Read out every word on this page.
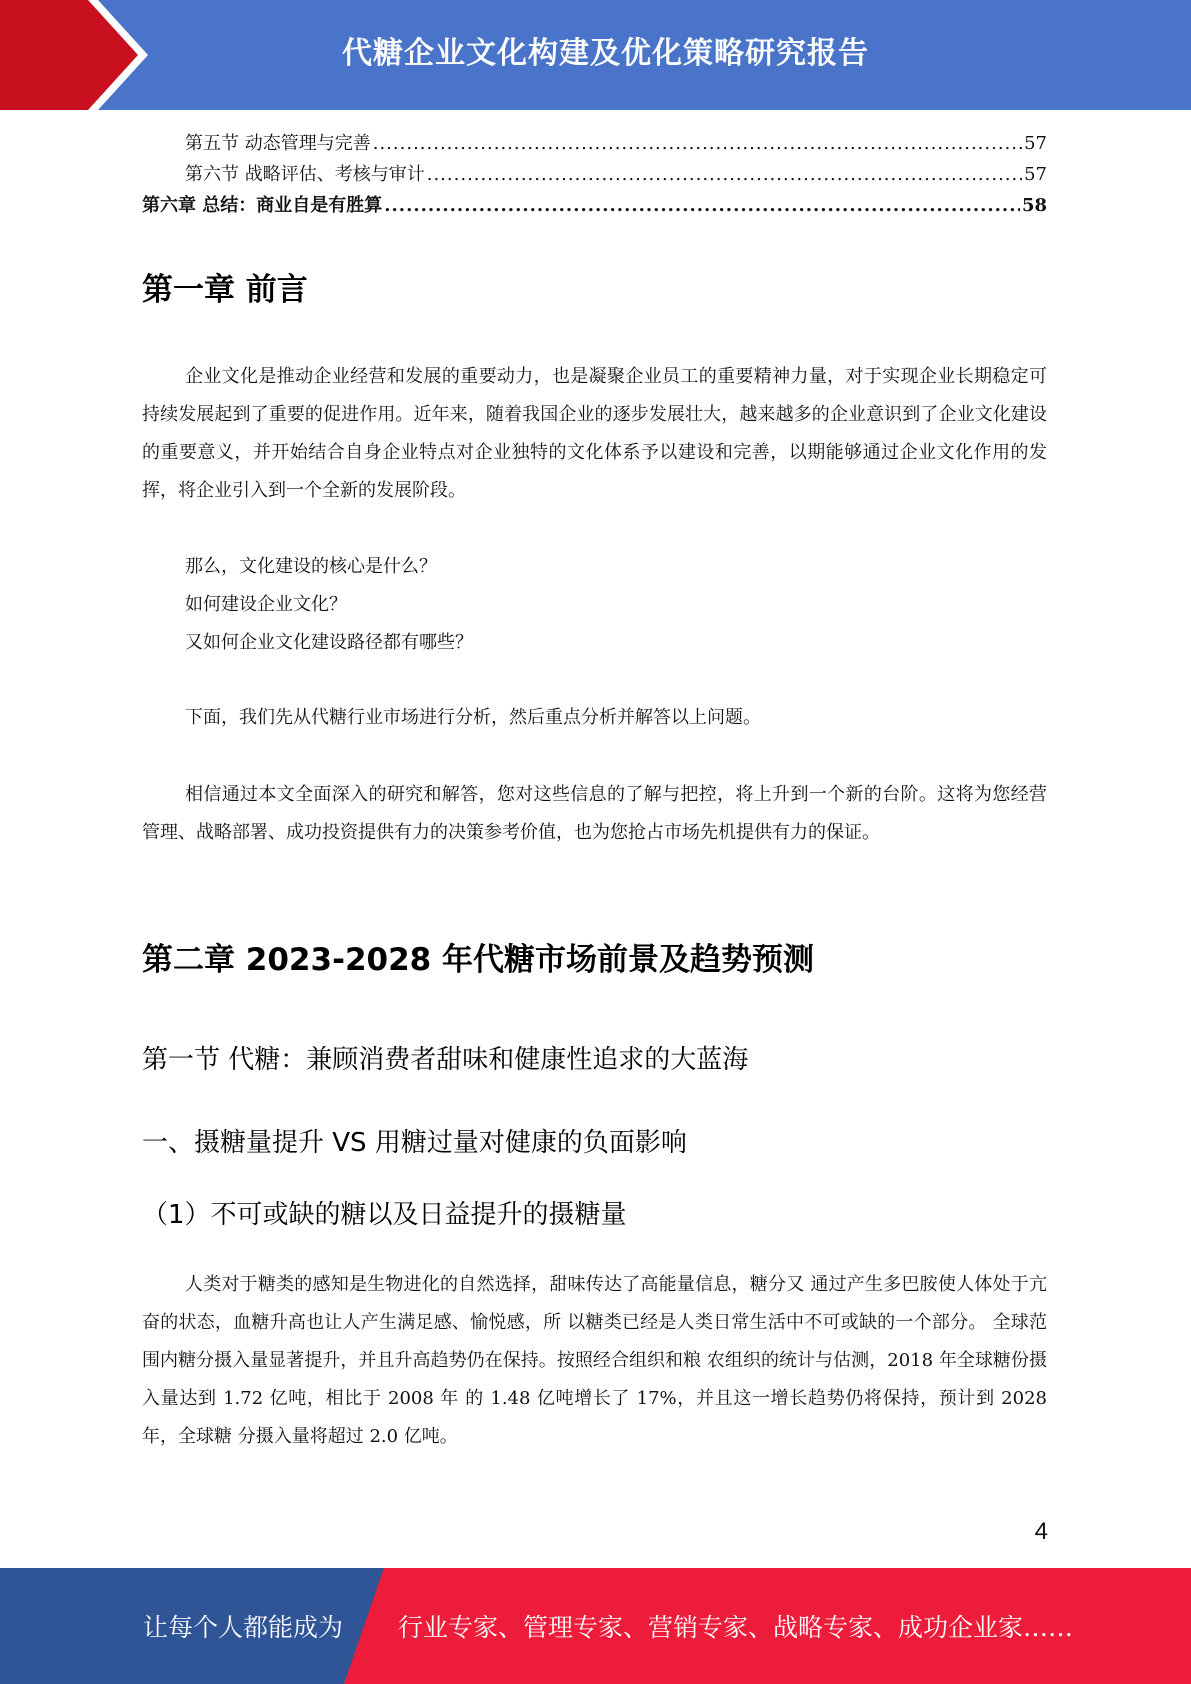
代糖企业文化构建及优化策略研究报告
第五节 动态管理与完善 .....	57
第六节 战略评估、考核与审计 .....	57
第六章 总结：商业自是有胜算 .....	58
第一章 前言

企业文化是推动企业经营和发展的重要动力，也是凝聚企业员工的重要精神力量，对于实现企业长期稳定可持续发展起到了重要的促进作用。近年来，随着我国企业的逐步发展壮大，越来越多的企业意识到了企业文化建设的重要意义，并开始结合自身企业特点对企业独特的文化体系予以建设和完善，以期能够通过企业文化作用的发挥，将企业引入到一个全新的发展阶段。

那么，文化建设的核心是什么？
如何建设企业文化？
又如何企业文化建设路径都有哪些？

下面，我们先从代糖行业市场进行分析，然后重点分析并解答以上问题。

相信通过本文全面深入的研究和解答，您对这些信息的了解与把控，将上升到一个新的台阶。这将为您经营管理、战略部署、成功投资提供有力的决策参考价值，也为您抢占市场先机提供有力的保证。

第二章 2023-2028 年代糖市场前景及趋势预测
第一节 代糖：兼顾消费者甜味和健康性追求的大蓝海
一、摄糖量提升 VS 用糖过量对健康的负面影响
（1）不可或缺的糖以及日益提升的摄糖量

人类对于糖类的感知是生物进化的自然选择，甜味传达了高能量信息，糖分又 通过产生多巴胺使人体处于亢奋的状态，血糖升高也让人产生满足感、愉悦感，所 以糖类已经是人类日常生活中不可或缺的一个部分。 全球范围内糖分摄入量显著提升，并且升高趋势仍在保持。按照经合组织和粮 农组织的统计与估测，2018 年全球糖份摄入量达到 1.72 亿吨，相比于 2008 年 的 1.48 亿吨增长了 17%，并且这一增长趋势仍将保持，预计到 2028 年，全球糖 分摄入量将超过 2.0 亿吨。

4
让每个人都能成为 行业专家、管理专家、营销专家、战略专家、成功企业家……
